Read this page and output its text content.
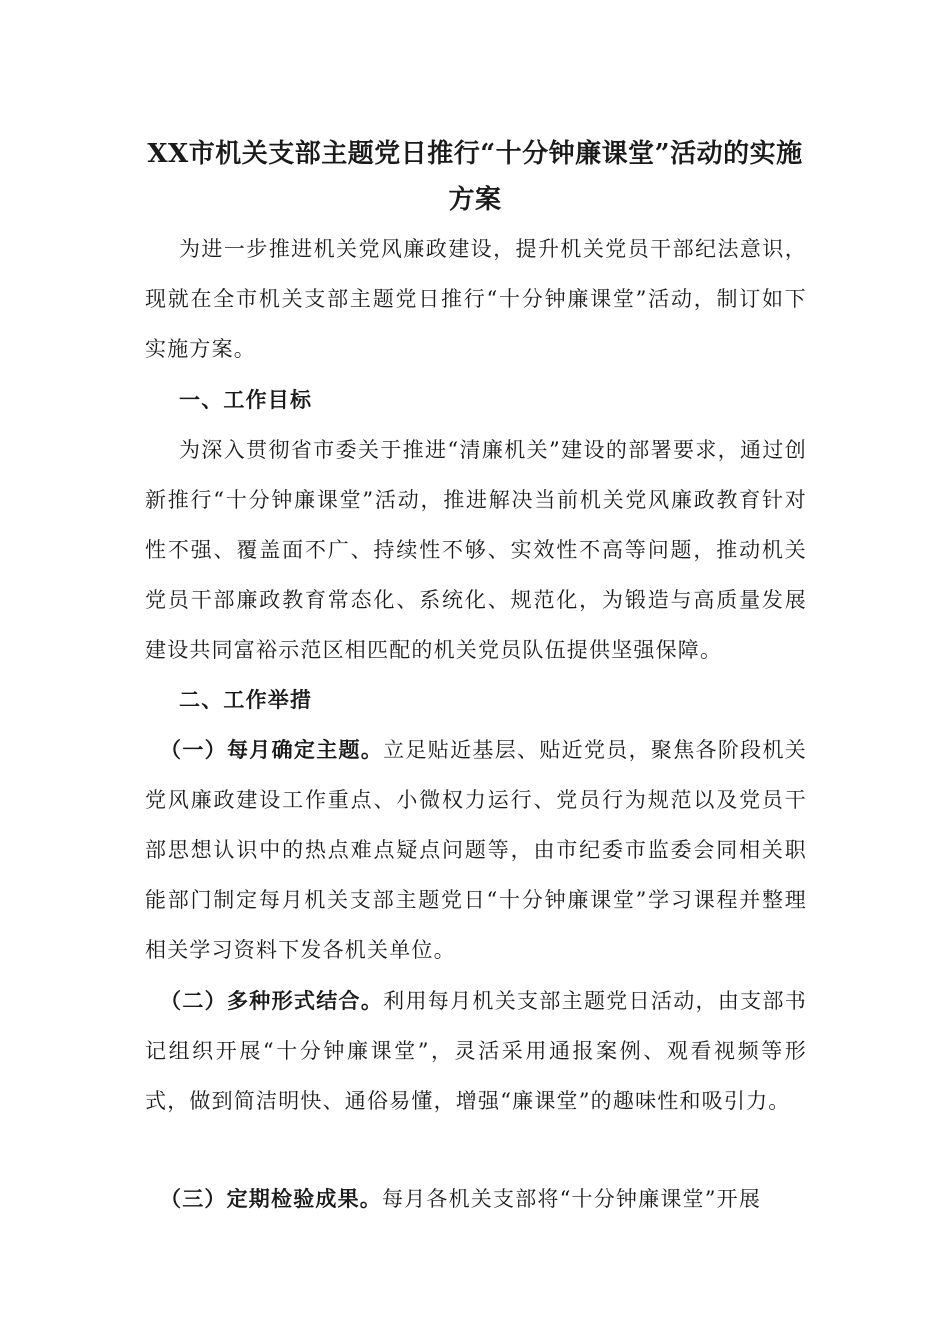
XX市机关支部主题党日推行“十分钟廉课堂”活动的实施
方案
为进一步推进机关党风廉政建设，提升机关党员干部纪法意识，现就在全市机关支部主题党日推行“十分钟廉课堂”活动，制订如下实施方案。
一、工作目标
为深入贯彻省市委关于推进“清廉机关”建设的部署要求，通过创新推行“十分钟廉课堂”活动，推进解决当前机关党风廉政教育针对性不强、覆盖面不广、持续性不够、实效性不高等问题，推动机关党员干部廉政教育常态化、系统化、规范化，为锻造与高质量发展建设共同富裕示范区相匹配的机关党员队伍提供坚强保障。
二、工作举措
（一）每月确定主题。立足贴近基层、贴近党员，聚焦各阶段机关党风廉政建设工作重点、小微权力运行、党员行为规范以及党员干部思想认识中的热点难点疑点问题等，由市纪委市监委会同相关职能部门制定每月机关支部主题党日“十分钟廉课堂”学习课程并整理相关学习资料下发各机关单位。
（二）多种形式结合。利用每月机关支部主题党日活动，由支部书记组织开展“十分钟廉课堂”，灵活采用通报案例、观看视频等形式，做到简洁明快、通俗易懂，增强“廉课堂”的趣味性和吸引力。
（三）定期检验成果。每月各机关支部将“十分钟廉课堂”开展
